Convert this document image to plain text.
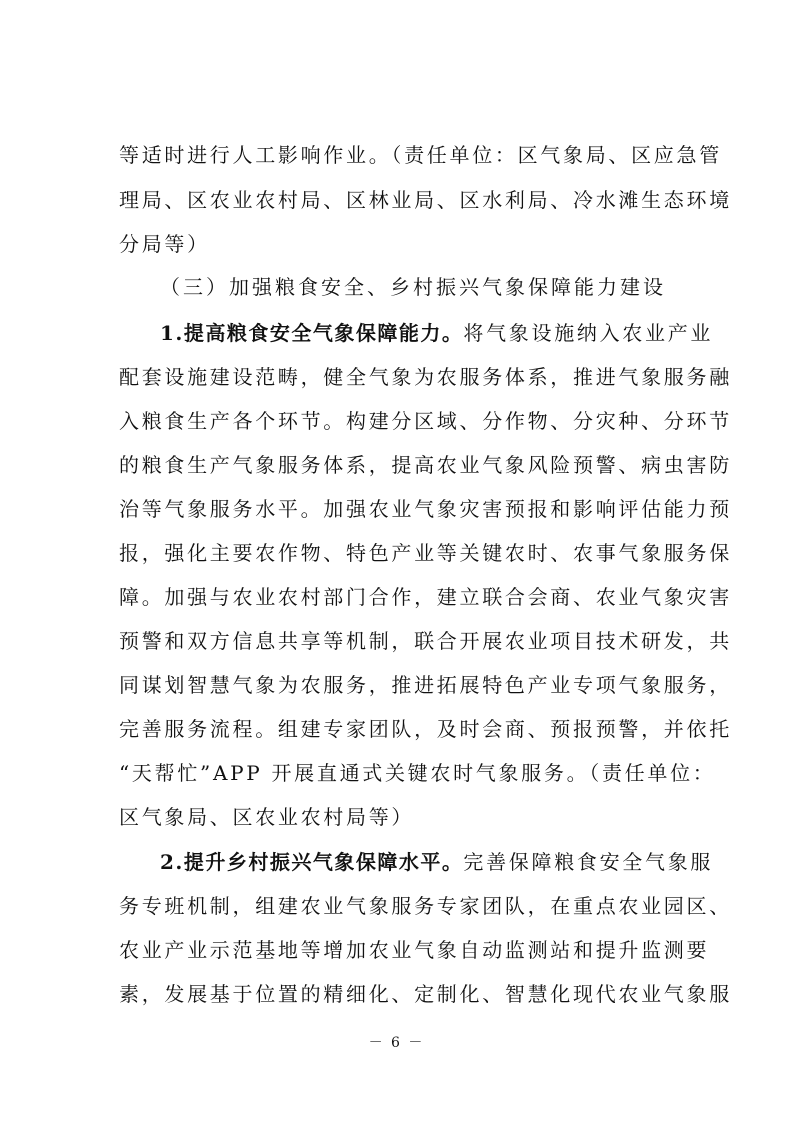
等适时进行人工影响作业。（责任单位：区气象局、区应急管
理局、区农业农村局、区林业局、区水利局、冷水滩生态环境
分局等）
（三）加强粮食安全、乡村振兴气象保障能力建设
1.提高粮食安全气象保障能力。将气象设施纳入农业产业
配套设施建设范畴，健全气象为农服务体系，推进气象服务融
入粮食生产各个环节。构建分区域、分作物、分灾种、分环节
的粮食生产气象服务体系，提高农业气象风险预警、病虫害防
治等气象服务水平。加强农业气象灾害预报和影响评估能力预
报，强化主要农作物、特色产业等关键农时、农事气象服务保
障。加强与农业农村部门合作，建立联合会商、农业气象灾害
预警和双方信息共享等机制，联合开展农业项目技术研发，共
同谋划智慧气象为农服务，推进拓展特色产业专项气象服务，
完善服务流程。组建专家团队，及时会商、预报预警，并依托
“天帮忙”APP 开展直通式关键农时气象服务。（责任单位：
区气象局、区农业农村局等）
2.提升乡村振兴气象保障水平。完善保障粮食安全气象服
务专班机制，组建农业气象服务专家团队，在重点农业园区、
农业产业示范基地等增加农业气象自动监测站和提升监测要
素，发展基于位置的精细化、定制化、智慧化现代农业气象服
－ 6 －
